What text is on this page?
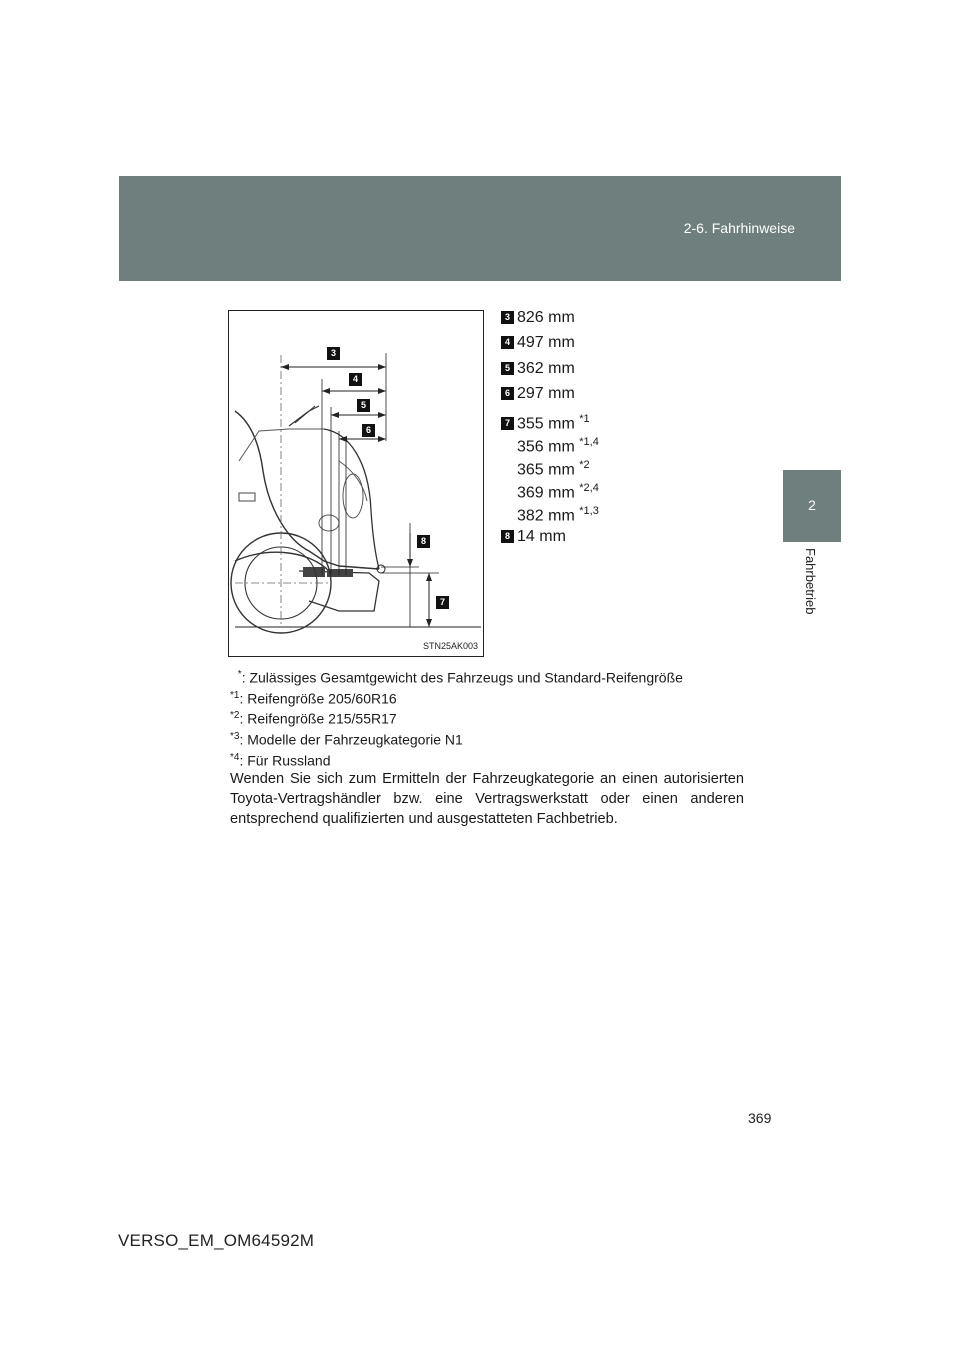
2-6. Fahrhinweise
2
Fahrbetrieb
3
4
5
6
8
7
STN25AK003
3 826 mm
4 497 mm
5 362 mm
6 297 mm
7 355 mm $^{*1}$
356 mm $^{*1,4}$
365 mm $^{*2}$
369 mm $^{*2,4}$
382 mm $^{*1,3}$
8 14 mm

*: Zulässiges Gesamtgewicht des Fahrzeugs und Standard-Reifengröße

$^{*1}$: Reifengröße 205/60R16

$^{*2}$: Reifengröße 215/55R17

$^{*3}$: Modelle der Fahrzeugkategorie N1

$^{*4}$: Für Russland

Wenden Sie sich zum Ermitteln der Fahrzeugkategorie an einen autorisierten Toyota-Vertragshändler bzw. eine Vertragswerkstatt oder einen anderen entsprechend qualifizierten und ausgestatteten Fachbetrieb.

369
VERSO_EM_OM64592M
